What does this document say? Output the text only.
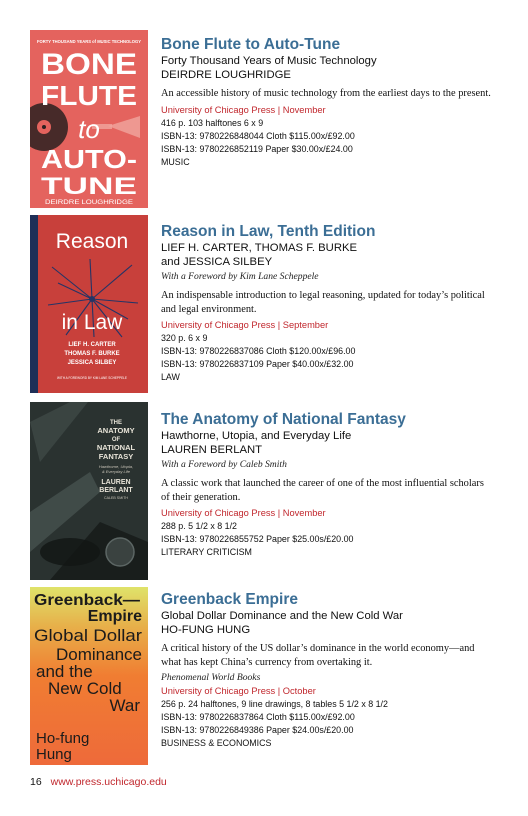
FORTY THOUSAND YEARS of MUSIC TECHNOLOGY
BONE
FLUTE
to
AUTO-
TUNE
DEIRDRE LOUGHRIDGE
Bone Flute to Auto-Tune
Forty Thousand Years of Music Technology
DEIRDRE LOUGHRIDGE
An accessible history of music technology from the earliest days to the present.
University of Chicago Press | November
416 p. 103 halftones 6 x 9
ISBN-13: 9780226848044 Cloth $115.00x/£92.00
ISBN-13: 9780226852119 Paper $30.00x/£24.00
MUSIC
Reason
in Law
LIEF H. CARTER
THOMAS F. BURKE
JESSICA SILBEY
WITH A FOREWORD BY KIM LANE SCHEPPELE
Reason in Law, Tenth Edition
LIEF H. CARTER, THOMAS F. BURKE
and JESSICA SILBEY
With a Foreword by Kim Lane Scheppele
An indispensable introduction to legal reasoning, updated for today’s political and legal environment.
University of Chicago Press | September
320 p. 6 x 9
ISBN-13: 9780226837086 Cloth $120.00x/£96.00
ISBN-13: 9780226837109 Paper $40.00x/£32.00
LAW
THE
ANATOMY
OF
NATIONAL
FANTASY
Hawthorne, Utopia,
& Everyday Life
LAUREN
BERLANT
CALEB SMITH
The Anatomy of National Fantasy
Hawthorne, Utopia, and Everyday Life
LAUREN BERLANT
With a Foreword by Caleb Smith
A classic work that launched the career of one of the most influential scholars of their generation.
University of Chicago Press | November
288 p. 5 1/2 x 8 1/2
ISBN-13: 9780226855752 Paper $25.00s/£20.00
LITERARY CRITICISM
Greenback—
Empire
Global Dollar
Dominance
and the
New Cold
War
Ho-fung
Hung
Greenback Empire
Global Dollar Dominance and the New Cold War
HO-FUNG HUNG
A critical history of the US dollar’s dominance in the world economy—and what has kept China’s currency from overtaking it.
Phenomenal World Books
University of Chicago Press | October
256 p. 24 halftones, 9 line drawings, 8 tables 5 1/2 x 8 1/2
ISBN-13: 9780226837864 Cloth $115.00x/£92.00
ISBN-13: 9780226849386 Paper $24.00s/£20.00
BUSINESS & ECONOMICS
16 www.press.uchicago.edu
